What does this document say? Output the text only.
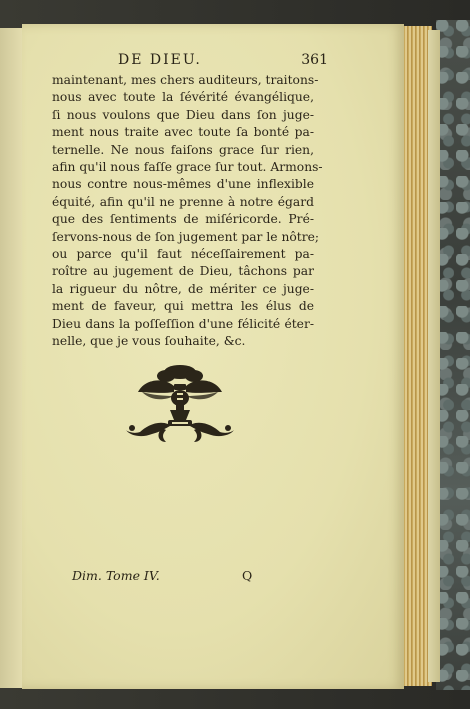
DE DIEU.	361
maintenant, mes chers auditeurs, traitons-
nous avec toute la ſévérité évangélique,
ſi nous voulons que Dieu dans ſon juge-
ment nous traite avec toute ſa bonté pa-
ternelle. Ne nous faiſons grace ſur rien,
afin qu'il nous faſſe grace ſur tout. Armons-
nous contre nous-mêmes d'une inflexible
équité, afin qu'il ne prenne à notre égard
que des ſentiments de miſéricorde. Pré-
ſervons-nous de ſon jugement par le nôtre;
ou parce qu'il faut néceſſairement pa-
roître au jugement de Dieu, tâchons par
la rigueur du nôtre, de mériter ce juge-
ment de faveur, qui mettra les élus de
Dieu dans la poſſeſſion d'une félicité éter-
nelle, que je vous ſouhaite, &c.
Dim. Tome IV.	Q
